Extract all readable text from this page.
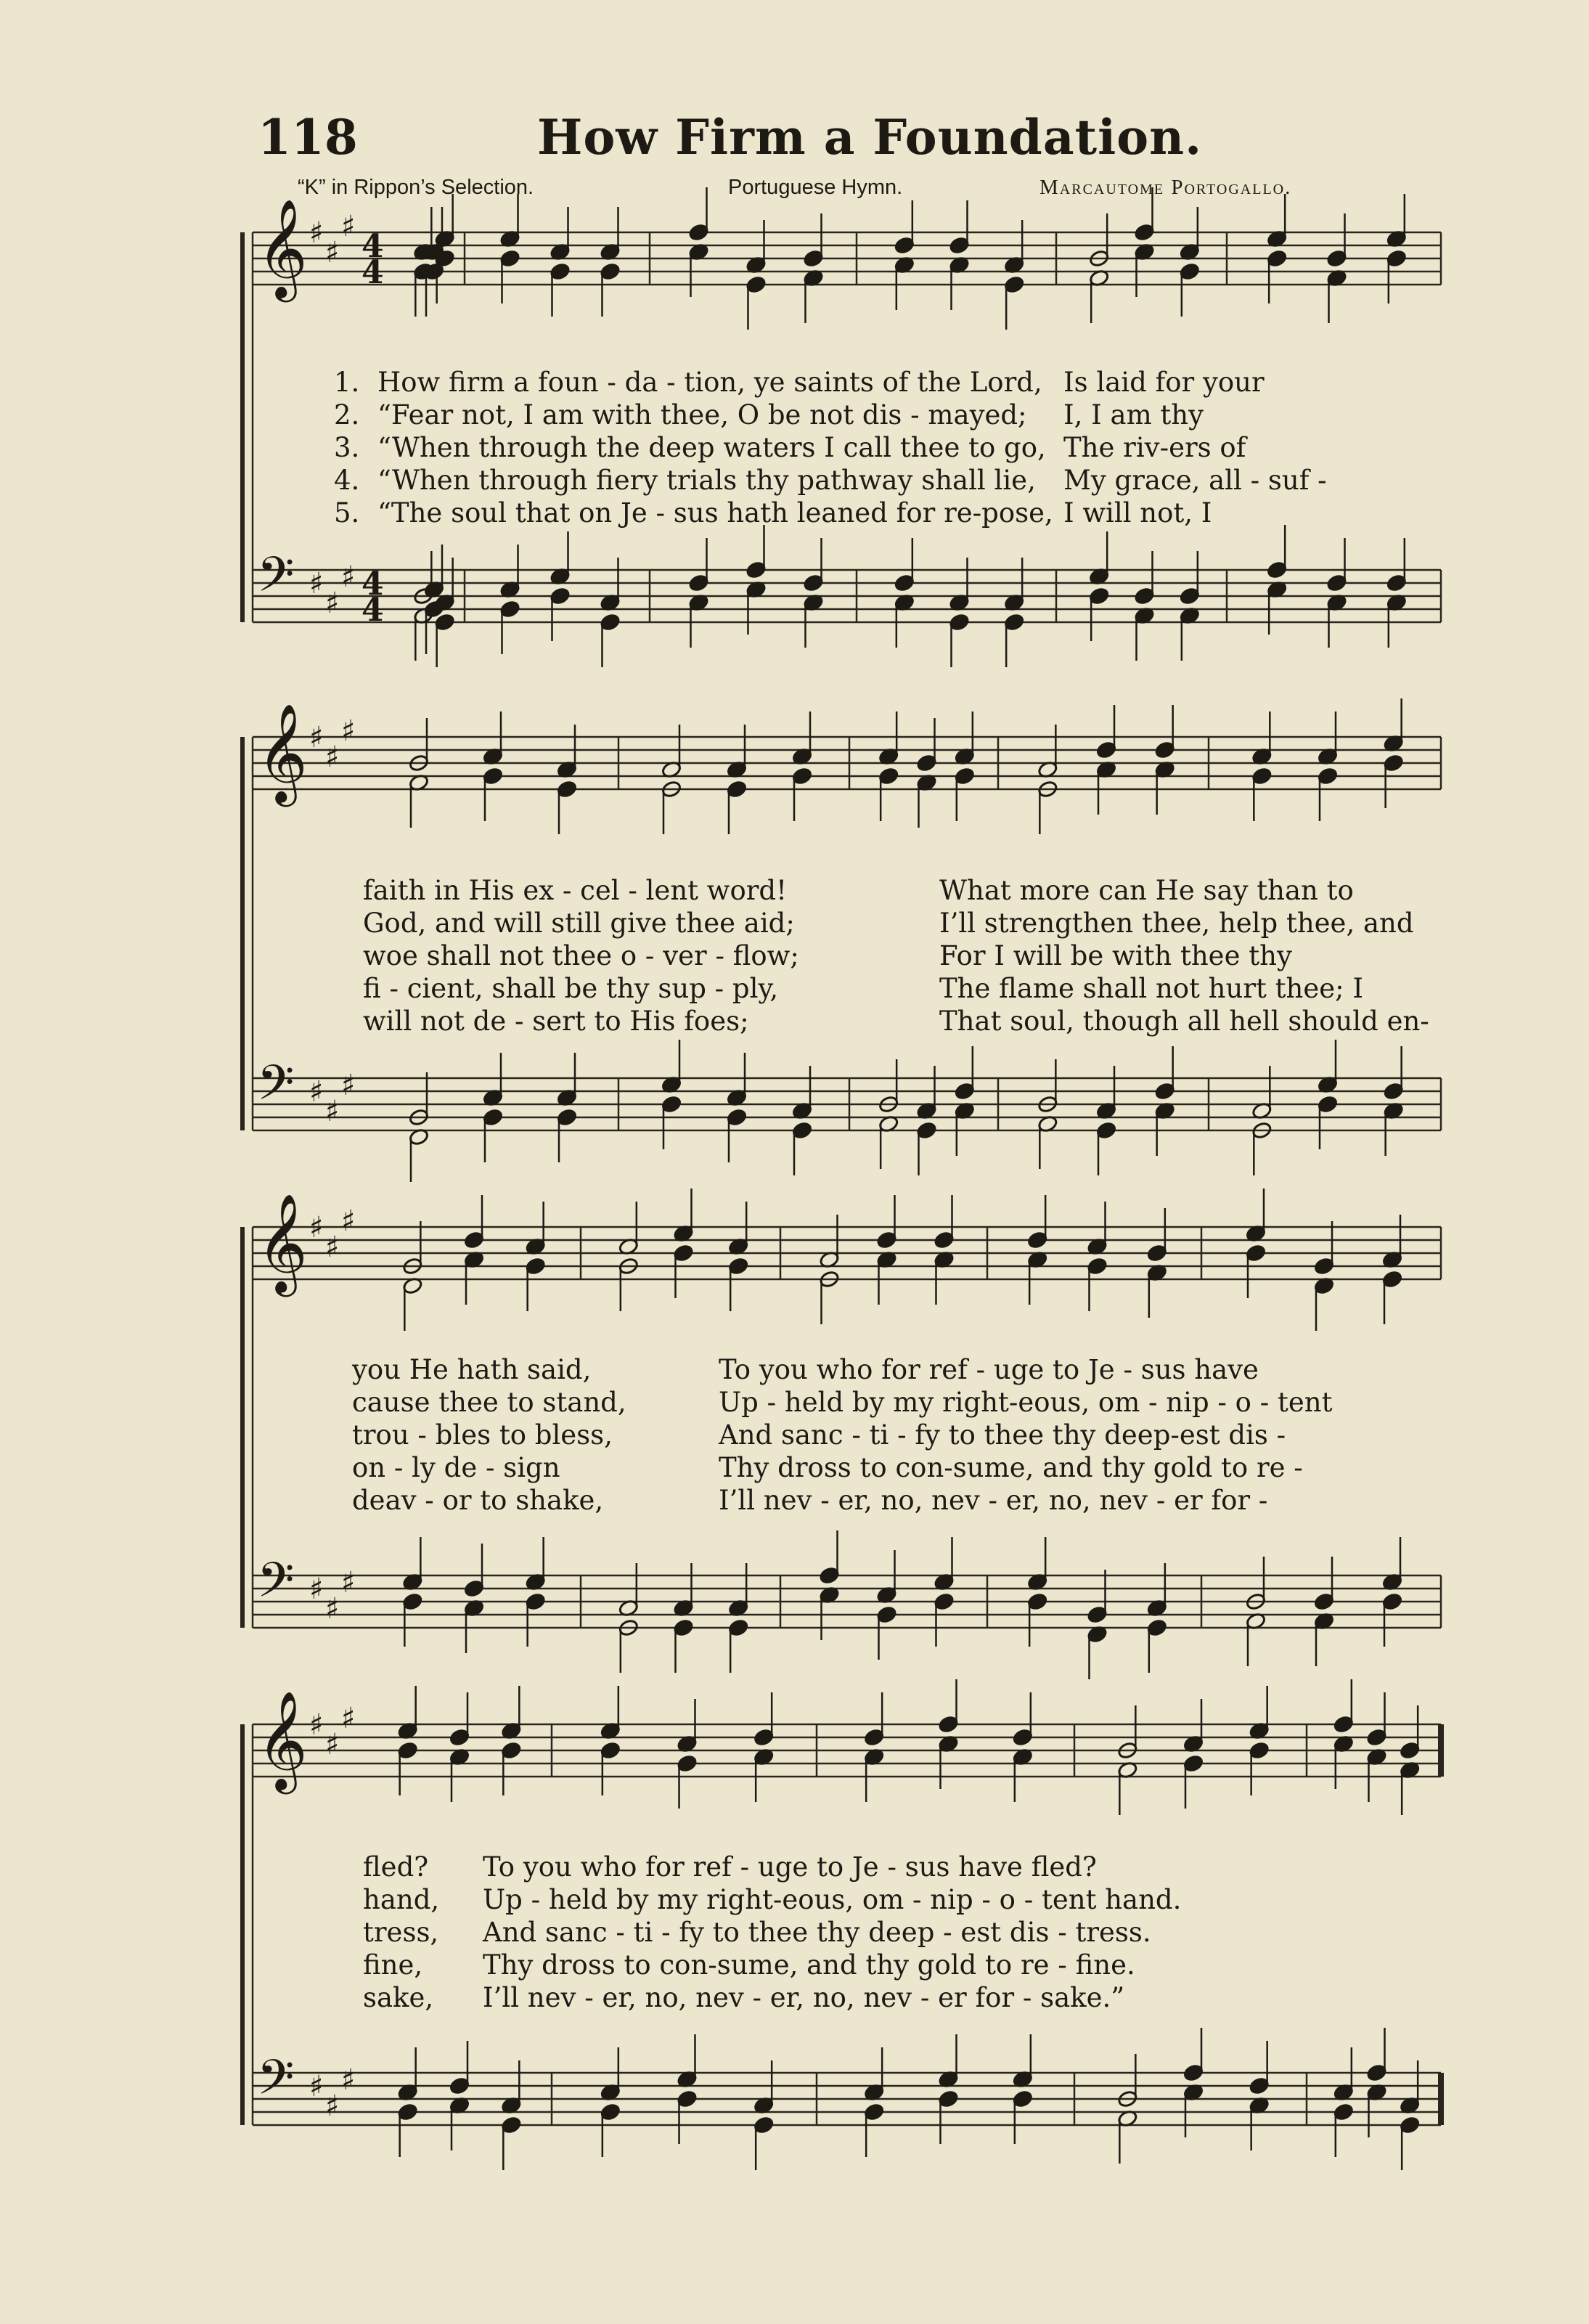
118	How Firm a Foundation.
“K” in Rippon’s Selection.	Portuguese Hymn.	Marcautome Portogallo.
𝄞 ♯
♯
♯
4
4
𝄢 ♯
♯
♯ 4
4
1. How firm a foun - da - tion, ye saints of the Lord, Is laid for your
2. “Fear not, I am with thee, O be not dis - mayed; I, I am thy
3. “When through the deep waters I call thee to go, The riv-ers of
4. “When through fiery trials thy pathway shall lie, My grace, all - suf -
5. “The soul that on Je - sus hath leaned for re-pose, I will not, I
𝄞 ♯
♯
♯
𝄢 ♯
♯
♯
faith in His ex - cel - lent word!	What more can He say than to
God, and will still give thee aid;	I’ll strengthen thee, help thee, and
woe shall not thee o - ver - flow;	For I will be with thee thy
fi - cient, shall be thy sup - ply,	The flame shall not hurt thee; I
will not de - sert to His foes;	That soul, though all hell should en-
𝄞 ♯
♯
♯
𝄢 ♯
♯
♯
you He hath said,	To you who for ref - uge to Je - sus have
cause thee to stand,	Up - held by my right-eous, om - nip - o - tent
trou - bles to bless,	And sanc - ti - fy to thee thy deep-est dis -
on - ly de - sign	Thy dross to con-sume, and thy gold to re -
deav - or to shake,	I’ll nev - er, no, nev - er, no, nev - er for -
𝄞 ♯
♯
♯
𝄢 ♯
♯
♯
fled? To you who for ref - uge to Je - sus have fled?
hand, Up - held by my right-eous, om - nip - o - tent hand.
tress, And sanc - ti - fy to thee thy deep - est dis - tress.
fine, Thy dross to con-sume, and thy gold to re - fine.
sake, I’ll nev - er, no, nev - er, no, nev - er for - sake.”
